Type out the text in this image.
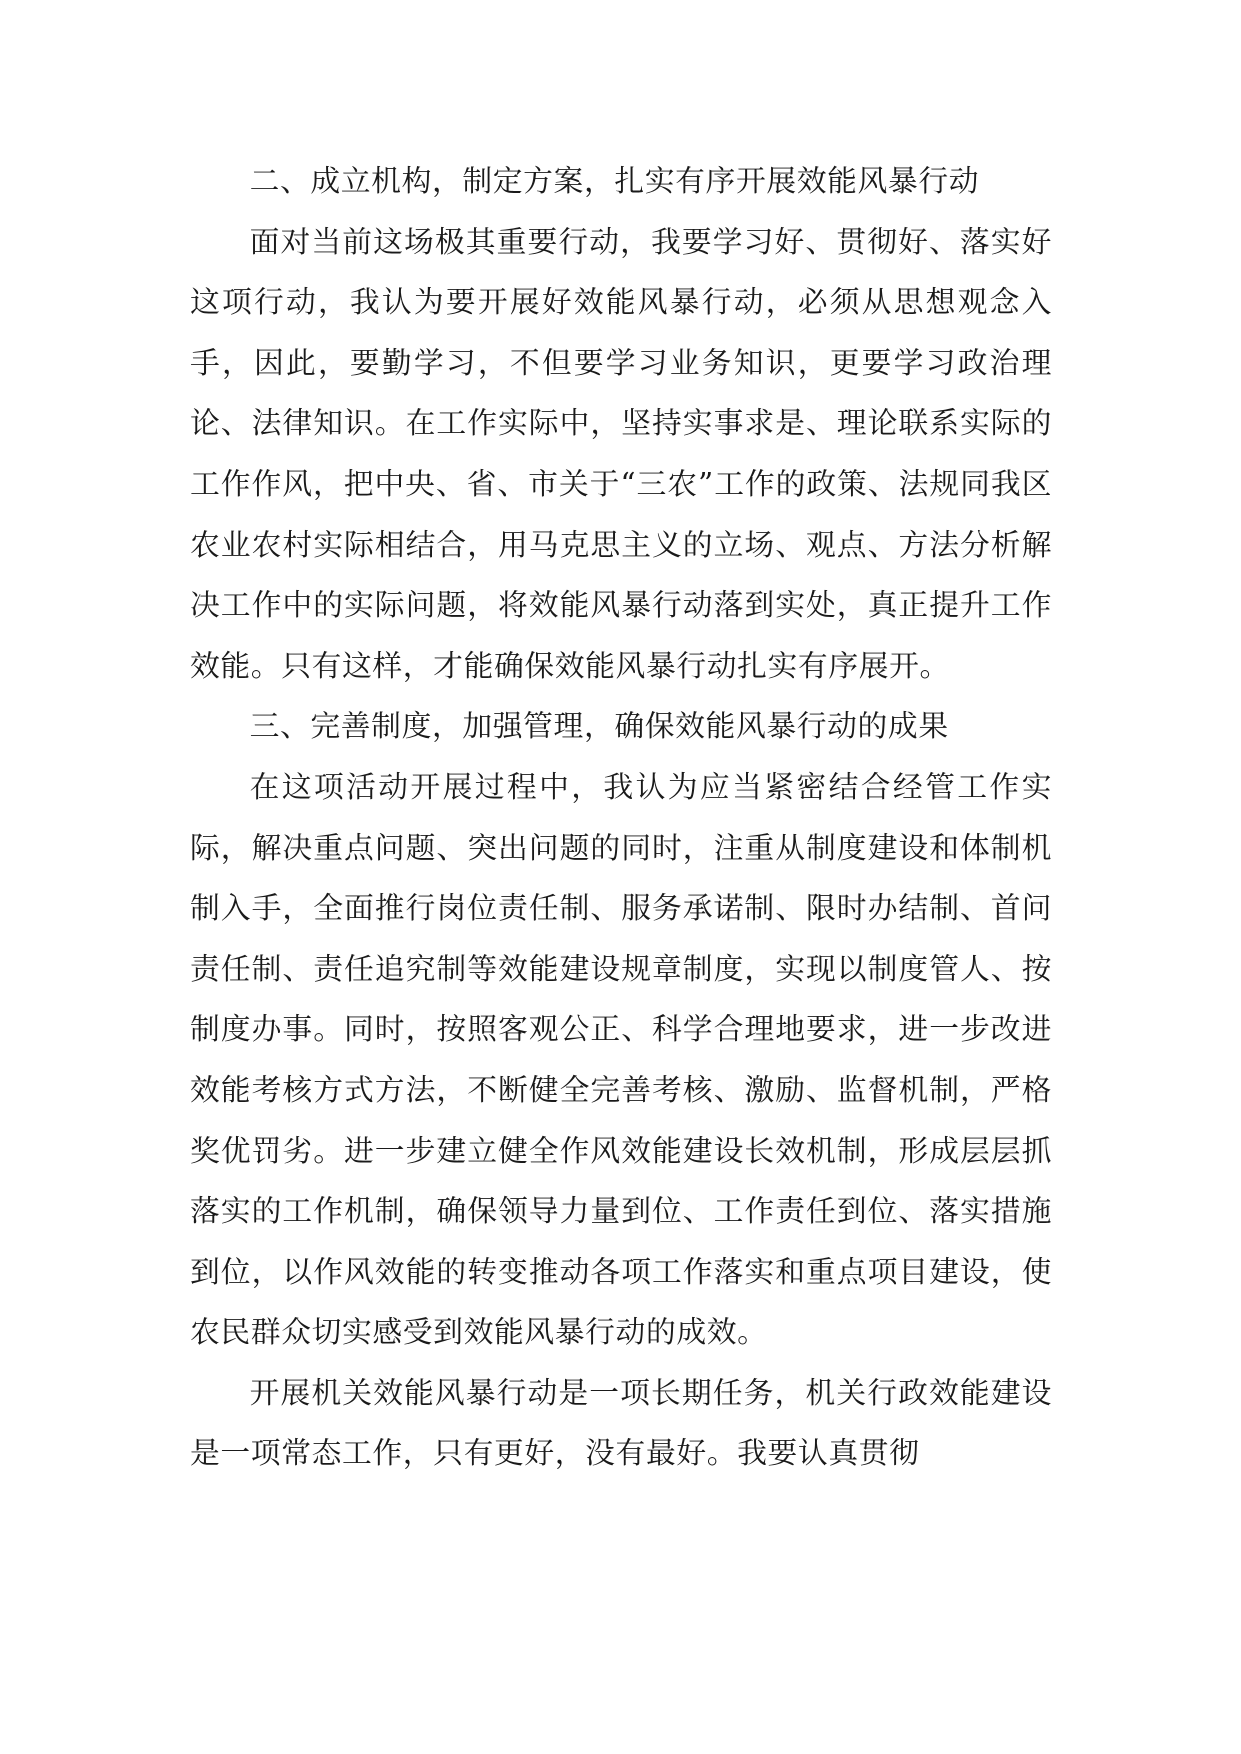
二、成立机构，制定方案，扎实有序开展效能风暴行动

面对当前这场极其重要行动，我要学习好、贯彻好、落实好这项行动，我认为要开展好效能风暴行动，必须从思想观念入手，因此，要勤学习，不但要学习业务知识，更要学习政治理论、法律知识。在工作实际中，坚持实事求是、理论联系实际的工作作风，把中央、省、市关于“三农”工作的政策、法规同我区农业农村实际相结合，用马克思主义的立场、观点、方法分析解决工作中的实际问题，将效能风暴行动落到实处，真正提升工作效能。只有这样，才能确保效能风暴行动扎实有序展开。

三、完善制度，加强管理，确保效能风暴行动的成果

在这项活动开展过程中，我认为应当紧密结合经管工作实际，解决重点问题、突出问题的同时，注重从制度建设和体制机制入手，全面推行岗位责任制、服务承诺制、限时办结制、首问责任制、责任追究制等效能建设规章制度，实现以制度管人、按制度办事。同时，按照客观公正、科学合理地要求，进一步改进效能考核方式方法，不断健全完善考核、激励、监督机制，严格奖优罚劣。进一步建立健全作风效能建设长效机制，形成层层抓落实的工作机制，确保领导力量到位、工作责任到位、落实措施到位，以作风效能的转变推动各项工作落实和重点项目建设，使农民群众切实感受到效能风暴行动的成效。

开展机关效能风暴行动是一项长期任务，机关行政效能建设是一项常态工作，只有更好，没有最好。我要认真贯彻
